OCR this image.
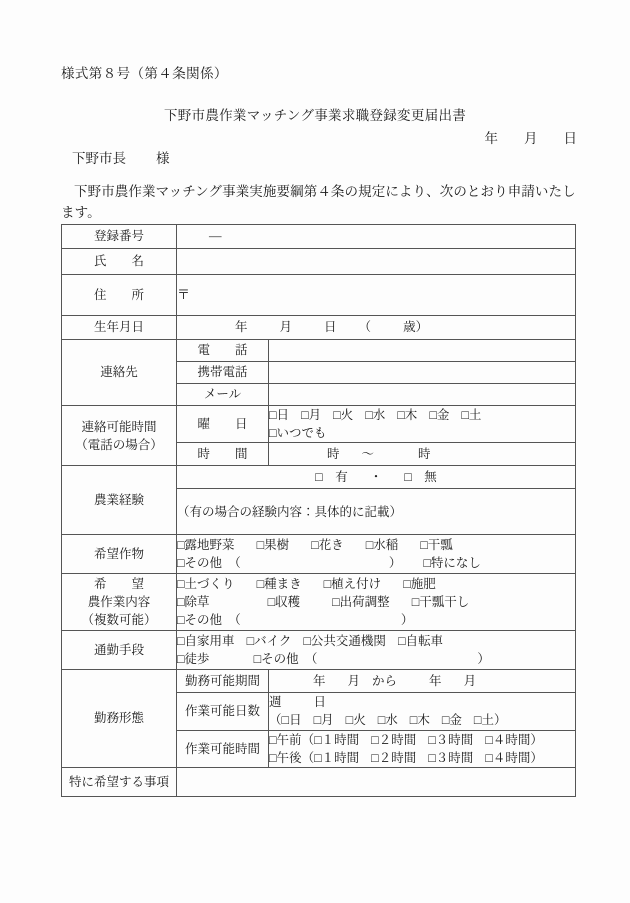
様式第８号（第４条関係）
下野市農作業マッチング事業求職登録変更届出書
年 月 日
下野市長 様
下野市農作業マッチング事業実施要綱第４条の規定により、次のとおり申請いたします。
登録番号	―	
氏　　名		
住　　所	〒	
生年月日	年 月 日 （ 歳）	
連絡先	電　　話	
	携帯電話	
	メール	

連絡可能時間
（電話の場合）
	曜　　日	
□日 □月 □火 □水 □木 □金 □土
□いつでも

	時　　間	時 ～ 時
農業経験	□　有 ・ □　無	
	（有の場合の経験内容：具体的に記載）	
希望作物	□露地野菜 □果樹 □花き □水稲 □干瓢
□その他　（ ） □特になし	

希　　望
農作業内容
（複数可能）

□土づくり □種まき □植え付け □施肥
□除草	□収穫	□出荷調整 □干瓢干し
□その他　（	）

通勤手段	□自家用車 □バイク □公共交通機関 □自転車
□徒歩 □その他　（ ）	

勤務形態	勤務可能期間	年 月 から 年 月
	作業可能日数	週 日
（□日 □月 □火 □水 □木 □金 □土）

	作業可能時間	□午前（□１時間 □２時間 □３時間 □４時間）
□午後（□１時間 □２時間 □３時間 □４時間）

特に希望する事項		
